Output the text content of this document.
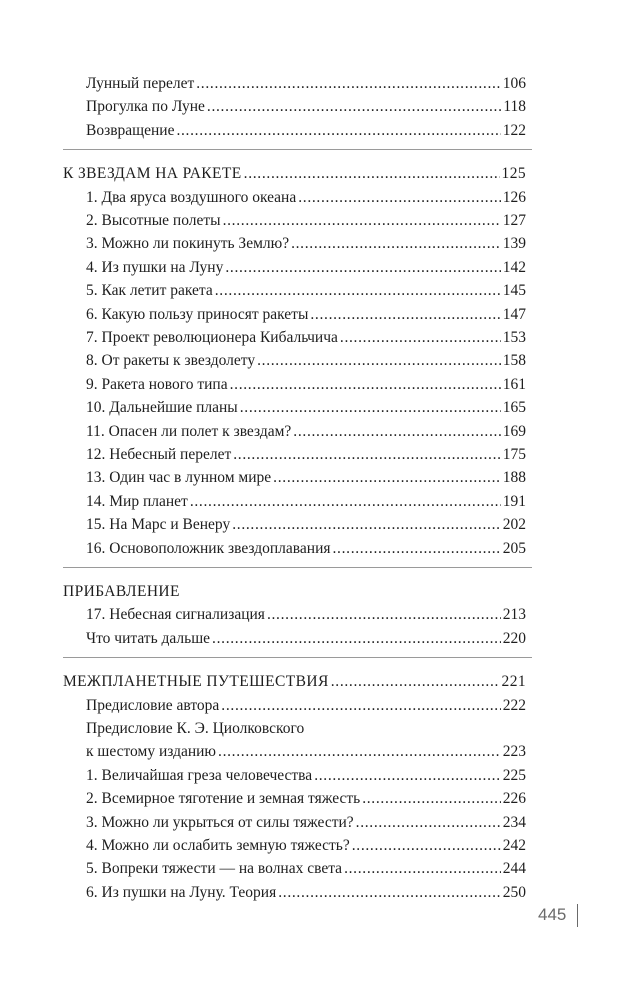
Лунный перелет . . .	106
Прогулка по Луне . . .	118
Возвращение . . .	122
К ЗВЕЗДАМ НА РАКЕТЕ . . .	125
1. Два яруса воздушного океана . . .	126
2. Высотные полеты . . .	127
3. Можно ли покинуть Землю? . . .	139
4. Из пушки на Луну . . .	142
5. Как летит ракета . . .	145
6. Какую пользу приносят ракеты . . .	147
7. Проект революционера Кибальчича . . .	153
8. От ракеты к звездолету . . .	158
9. Ракета нового типа . . .	161
10. Дальнейшие планы . . .	165
11. Опасен ли полет к звездам? . . .	169
12. Небесный перелет . . .	175
13. Один час в лунном мире . . .	188
14. Мир планет . . .	191
15. На Марс и Венеру . . .	202
16. Основоположник звездоплавания . . .	205
ПРИБАВЛЕНИЕ
17. Небесная сигнализация . . .	213
Что читать дальше . . .	220
МЕЖПЛАНЕТНЫЕ ПУТЕШЕСТВИЯ . . .	221
Предисловие автора . . .	222
Предисловие К. Э. Циолковского
к шестому изданию . . .	223
1. Величайшая греза человечества . . .	225
2. Всемирное тяготение и земная тяжесть . . .	226
3. Можно ли укрыться от силы тяжести? . . .	234
4. Можно ли ослабить земную тяжесть? . . .	242
5. Вопреки тяжести — на волнах света . . .	244
6. Из пушки на Луну. Теория . . .	250
445
